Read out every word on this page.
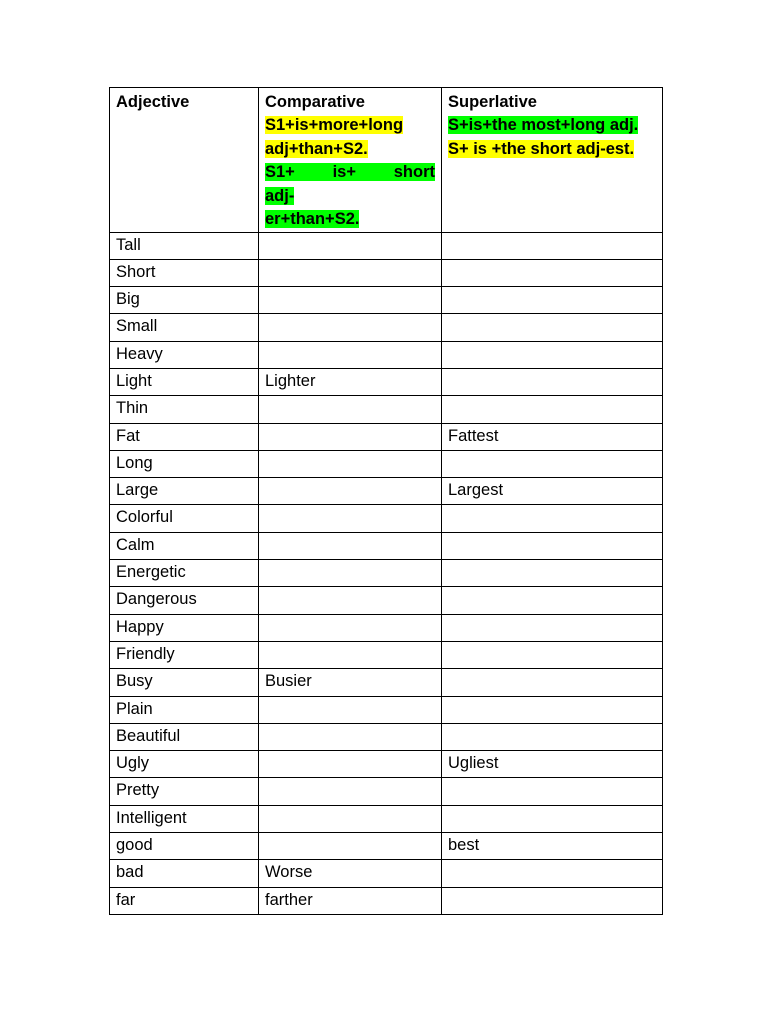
Adjective	Comparative
S1+is+more+long
adj+than+S2.

S1+ is+ short adj-
er+than+S2.	Superlative
S+is+the most+long adj.
S+ is +the short adj-est.
Tall		
Short		
Big		
Small		
Heavy		
Light	Lighter	
Thin		
Fat		Fattest
Long		
Large		Largest
Colorful		
Calm		
Energetic		
Dangerous		
Happy		
Friendly		
Busy	Busier	
Plain		
Beautiful		
Ugly		Ugliest
Pretty		
Intelligent		
good		best
bad	Worse	
far	farther	
